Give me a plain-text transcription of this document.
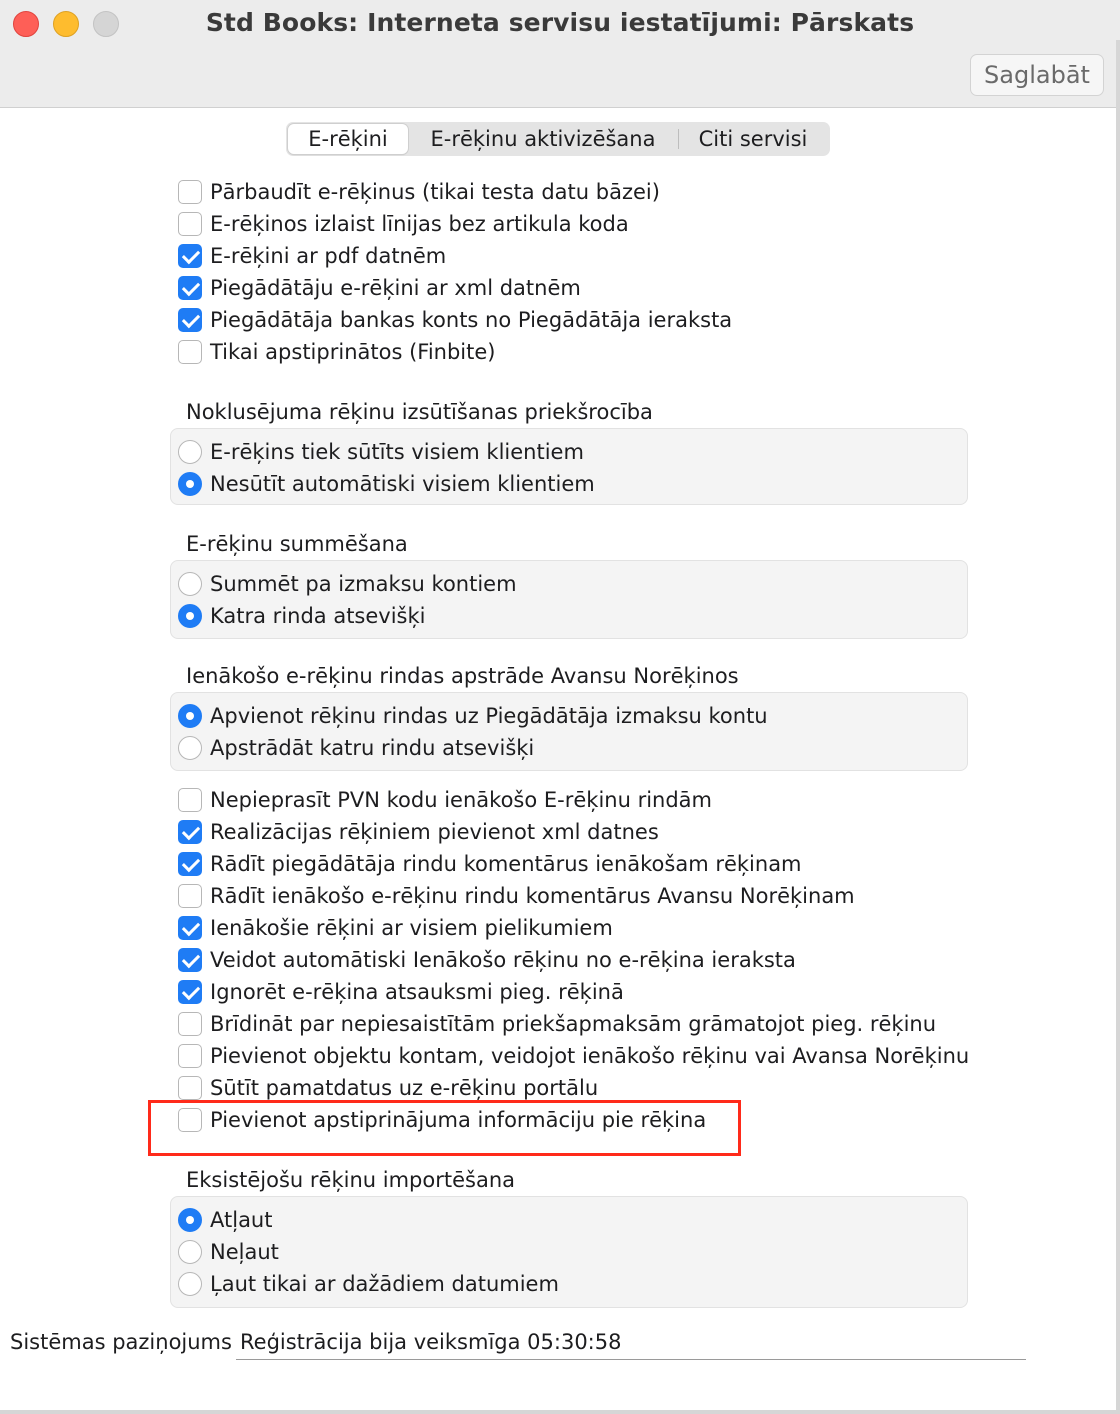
Std Books: Interneta servisu iestatījumi: Pārskats
Saglabāt
E-rēķini	E-rēķinu aktivizēšana	Citi servisi
Pārbaudīt e-rēķinus (tikai testa datu bāzei)
E-rēķinos izlaist līnijas bez artikula koda
E-rēķini ar pdf datnēm
Piegādātāju e-rēķini ar xml datnēm
Piegādātāja bankas konts no Piegādātāja ieraksta
Tikai apstiprinātos (Finbite)
Noklusējuma rēķinu izsūtīšanas priekšrocība
E-rēķins tiek sūtīts visiem klientiem
Nesūtīt automātiski visiem klientiem
E-rēķinu summēšana
Summēt pa izmaksu kontiem
Katra rinda atsevišķi
Ienākošo e-rēķinu rindas apstrāde Avansu Norēķinos
Apvienot rēķinu rindas uz Piegādātāja izmaksu kontu
Apstrādāt katru rindu atsevišķi
Nepieprasīt PVN kodu ienākošo E-rēķinu rindām
Realizācijas rēķiniem pievienot xml datnes
Rādīt piegādātāja rindu komentārus ienākošam rēķinam
Rādīt ienākošo e-rēķinu rindu komentārus Avansu Norēķinam
Ienākošie rēķini ar visiem pielikumiem
Veidot automātiski Ienākošo rēķinu no e-rēķina ieraksta
Ignorēt e-rēķina atsauksmi pieg. rēķinā
Brīdināt par nepiesaistītām priekšapmaksām grāmatojot pieg. rēķinu
Pievienot objektu kontam, veidojot ienākošo rēķinu vai Avansa Norēķinu
Sūtīt pamatdatus uz e-rēķinu portālu
Pievienot apstiprinājuma informāciju pie rēķina
Eksistējošu rēķinu importēšana
Atļaut
Neļaut
Ļaut tikai ar dažādiem datumiem
Sistēmas paziņojums Reģistrācija bija veiksmīga 05:30:58
